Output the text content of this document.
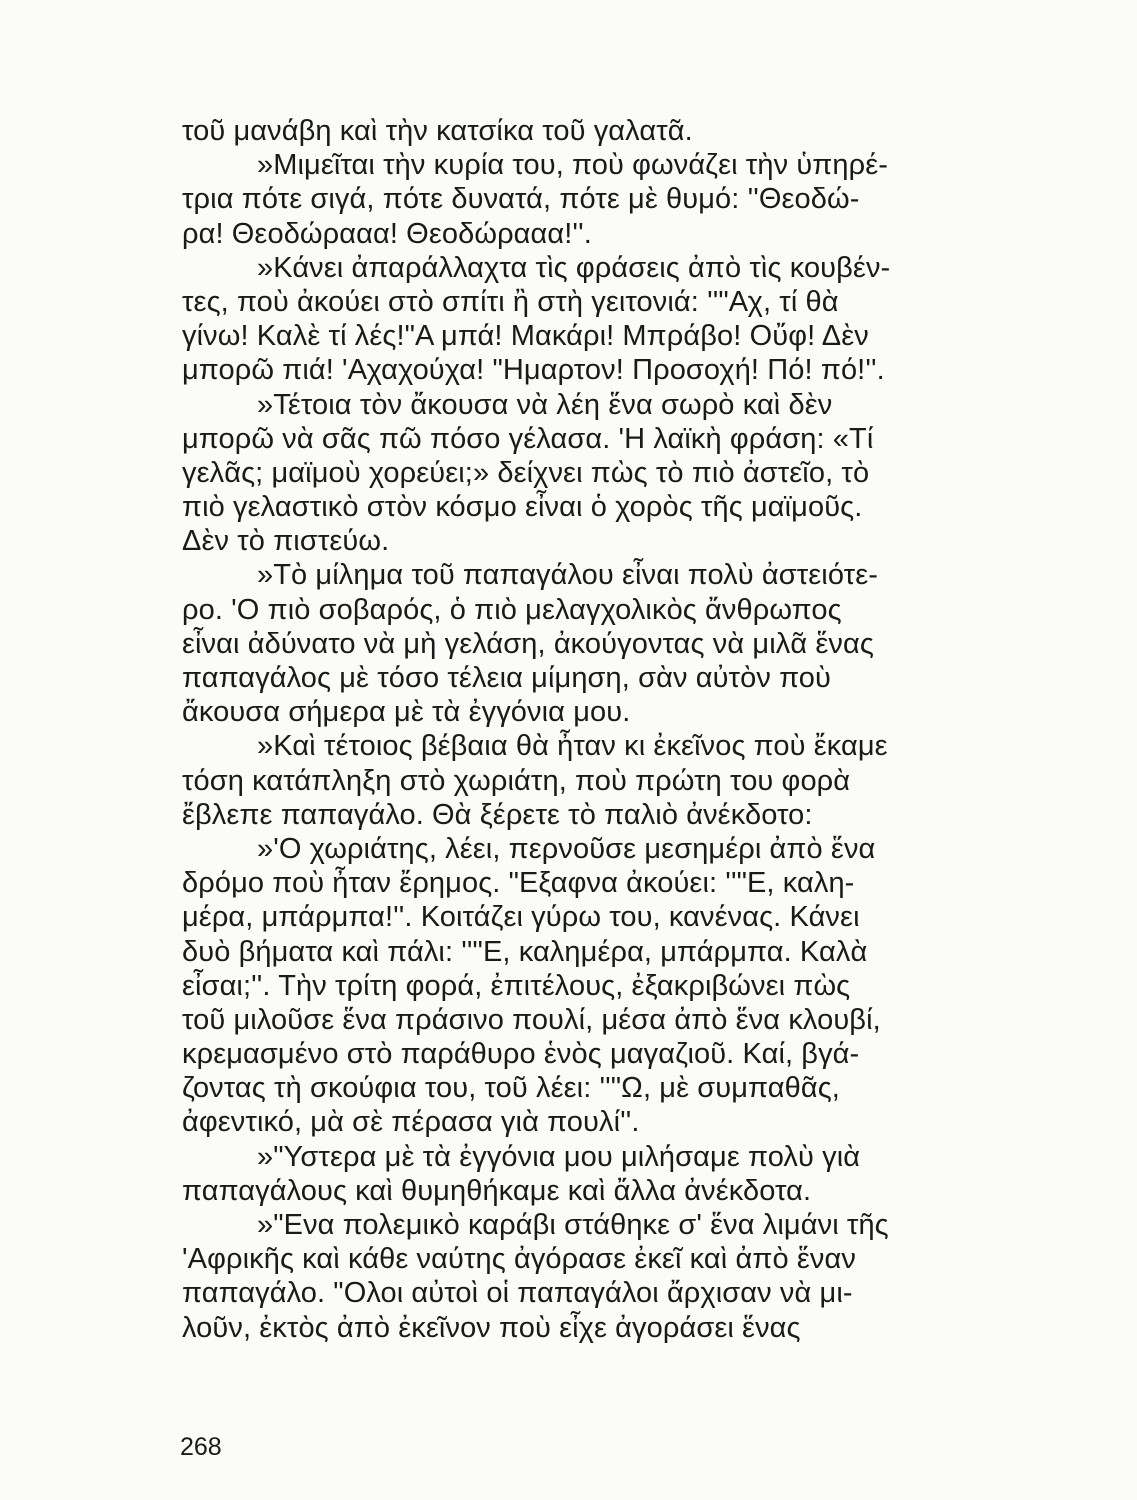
τοῦ μανάβη καὶ τὴν κατσίκα τοῦ γαλατᾶ.
»Μιμεῖται τὴν κυρία του, ποὺ φωνάζει τὴν ὑπηρέ-
τρια πότε σιγά, πότε δυνατά, πότε μὲ θυμό: ''Θεοδώ-
ρα! Θεοδώρααα! Θεοδώρααα!''.
»Κάνει ἀπαράλλαχτα τὶς φράσεις ἀπὸ τὶς κουβέν-
τες, ποὺ ἀκούει στὸ σπίτι ἢ στὴ γειτονιά: ''"Αχ, τί θὰ
γίνω! Καλὲ τί λές!"Α μπά! Μακάρι! Μπράβο! Οὔφ! Δὲν
μπορῶ πιά! 'Αχαχούχα! "Ημαρτον! Προσοχή! Πό! πό!''.
»Τέτοια τὸν ἄκουσα νὰ λέη ἕνα σωρὸ καὶ δὲν
μπορῶ νὰ σᾶς πῶ πόσο γέλασα. 'Η λαϊκὴ φράση: «Τί
γελᾶς; μαϊμοὺ χορεύει;» δείχνει πὼς τὸ πιὸ ἀστεῖο, τὸ
πιὸ γελαστικὸ στὸν κόσμο εἶναι ὁ χορὸς τῆς μαϊμοῦς.
Δὲν τὸ πιστεύω.
»Τὸ μίλημα τοῦ παπαγάλου εἶναι πολὺ ἀστειότε-
ρο. 'Ο πιὸ σοβαρός, ὁ πιὸ μελαγχολικὸς ἄνθρωπος
εἶναι ἀδύνατο νὰ μὴ γελάση, ἀκούγοντας νὰ μιλᾶ ἕνας
παπαγάλος μὲ τόσο τέλεια μίμηση, σὰν αὐτὸν ποὺ
ἄκουσα σήμερα μὲ τὰ ἐγγόνια μου.
»Καὶ τέτοιος βέβαια θὰ ἦταν κι ἐκεῖνος ποὺ ἔκαμε
τόση κατάπληξη στὸ χωριάτη, ποὺ πρώτη του φορὰ
ἔβλεπε παπαγάλο. Θὰ ξέρετε τὸ παλιὸ ἀνέκδοτο:
»'Ο χωριάτης, λέει, περνοῦσε μεσημέρι ἀπὸ ἕνα
δρόμο ποὺ ἦταν ἔρημος. "Εξαφνα ἀκούει: ''"Ε, καλη-
μέρα, μπάρμπα!''. Κοιτάζει γύρω του, κανένας. Κάνει
δυὸ βήματα καὶ πάλι: ''"Ε, καλημέρα, μπάρμπα. Καλὰ
εἶσαι;''. Τὴν τρίτη φορά, ἐπιτέλους, ἐξακριβώνει πὼς
τοῦ μιλοῦσε ἕνα πράσινο πουλί, μέσα ἀπὸ ἕνα κλουβί,
κρεμασμένο στὸ παράθυρο ἑνὸς μαγαζιοῦ. Καί, βγά-
ζοντας τὴ σκούφια του, τοῦ λέει: ''"Ω, μὲ συμπαθᾶς,
ἀφεντικό, μὰ σὲ πέρασα γιὰ πουλί''.
»"Υστερα μὲ τὰ ἐγγόνια μου μιλήσαμε πολὺ γιὰ
παπαγάλους καὶ θυμηθήκαμε καὶ ἄλλα ἀνέκδοτα.
»"Ενα πολεμικὸ καράβι στάθηκε σ' ἕνα λιμάνι τῆς
'Αφρικῆς καὶ κάθε ναύτης ἀγόρασε ἐκεῖ καὶ ἀπὸ ἕναν
παπαγάλο. "Ολοι αὐτοὶ οἱ παπαγάλοι ἄρχισαν νὰ μι-
λοῦν, ἐκτὸς ἀπὸ ἐκεῖνον ποὺ εἶχε ἀγοράσει ἕνας
268
